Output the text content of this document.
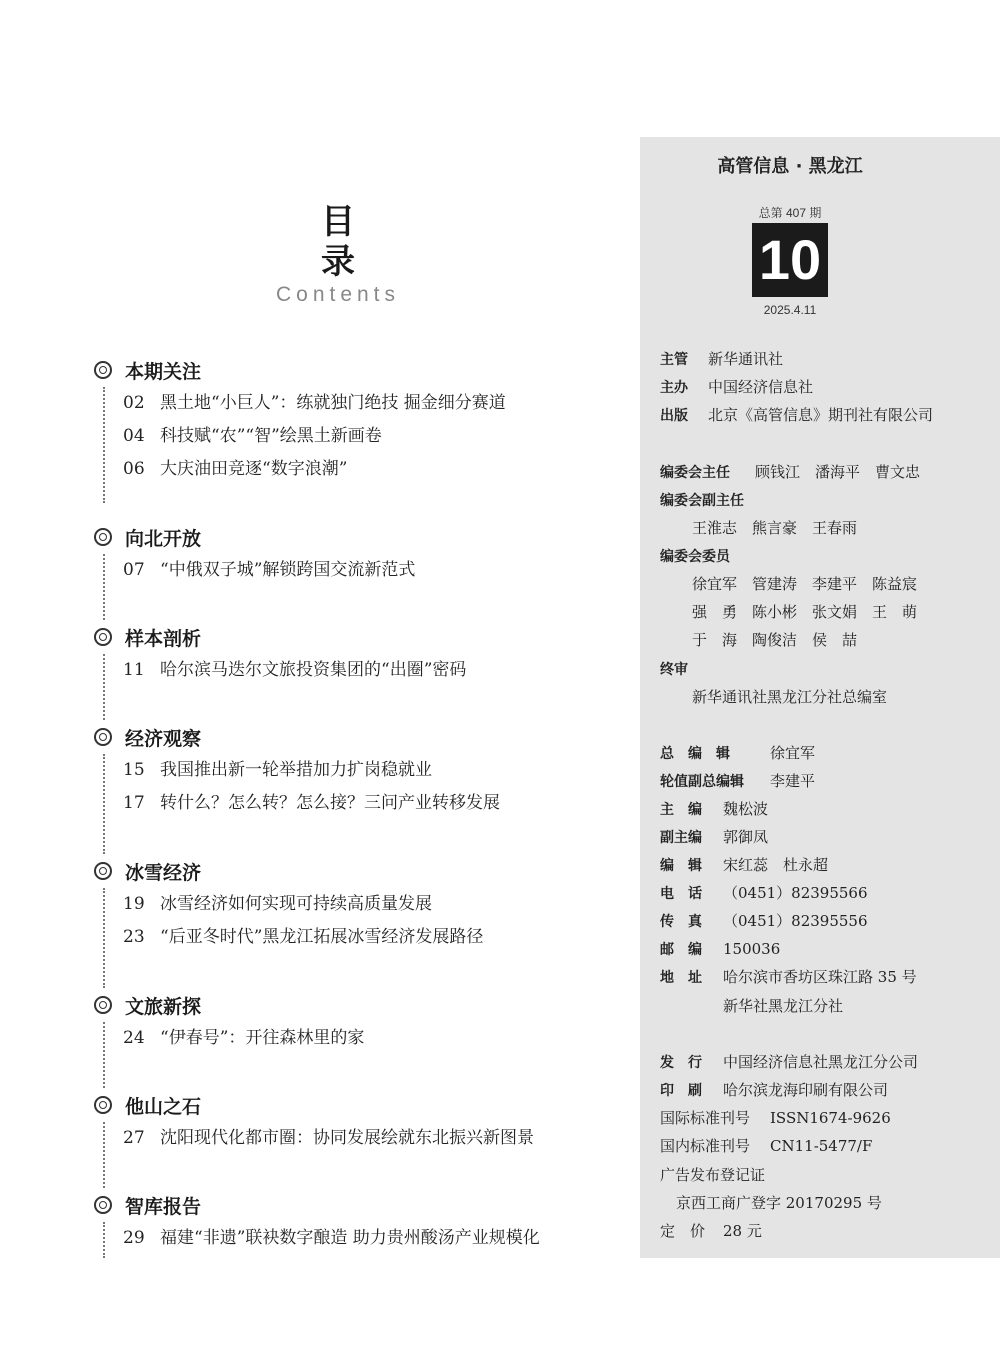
目录
Contents
本期关注
02 黑土地“小巨人”：练就独门绝技 掘金细分赛道
04 科技赋“农”“智”绘黑土新画卷
06 大庆油田竞逐“数字浪潮”
向北开放
07 “中俄双子城”解锁跨国交流新范式
样本剖析
11 哈尔滨马迭尔文旅投资集团的“出圈”密码
经济观察
15 我国推出新一轮举措加力扩岗稳就业
17 转什么？怎么转？怎么接？三问产业转移发展
冰雪经济
19 冰雪经济如何实现可持续高质量发展
23 “后亚冬时代”黑龙江拓展冰雪经济发展路径
文旅新探
24 “伊春号”：开往森林里的家
他山之石
27 沈阳现代化都市圈：协同发展绘就东北振兴新图景
智库报告
29 福建“非遗”联袂数字酿造 助力贵州酸汤产业规模化
高管信息 · 黑龙江
总第 407 期
10
2025.4.11
主管 新华通讯社
主办 中国经济信息社
出版 北京《高管信息》期刊社有限公司
编委会主任 顾钱江　潘海平　曹文忠
编委会副主任
王淮志　熊言豪　王春雨
编委会委员
徐宜军　管建涛　李建平　陈益宸
强　勇　陈小彬　张文娟　王　萌
于　海　陶俊洁　侯　喆
终审
新华通讯社黑龙江分社总编室
总　编　辑	徐宜军
轮值副总编辑 李建平
主　编 魏松波
副主编 郭御凤
编　辑 宋红蕊　杜永超
电　话 （0451）82395566
传　真 （0451）82395556
邮　编 150036
地　址 哈尔滨市香坊区珠江路 35 号
新华社黑龙江分社
发　行 中国经济信息社黑龙江分公司
印　刷 哈尔滨龙海印刷有限公司
国际标准刊号 ISSN1674-9626
国内标准刊号 CN11-5477/F
广告发布登记证
京西工商广登字 20170295 号
定　价 28 元
